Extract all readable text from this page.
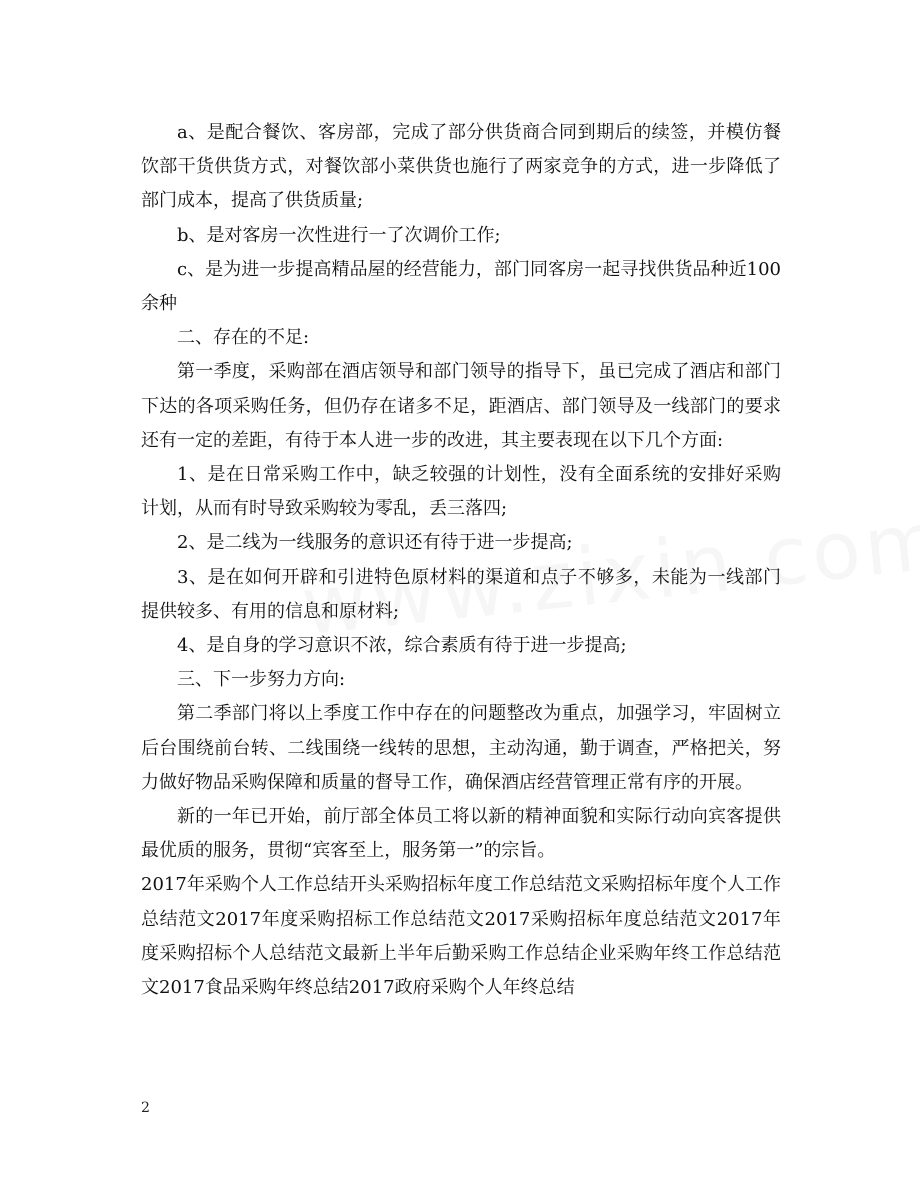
a、是配合餐饮、客房部，完成了部分供货商合同到期后的续签，并模仿餐饮部干货供货方式，对餐饮部小菜供货也施行了两家竞争的方式，进一步降低了部门成本，提高了供货质量;

b、是对客房一次性进行一了次调价工作;

c、是为进一步提高精品屋的经营能力，部门同客房一起寻找供货品种近100余种

二、存在的不足:

第一季度，采购部在酒店领导和部门领导的指导下，虽已完成了酒店和部门下达的各项采购任务，但仍存在诸多不足，距酒店、部门领导及一线部门的要求还有一定的差距，有待于本人进一步的改进，其主要表现在以下几个方面:

1、是在日常采购工作中，缺乏较强的计划性，没有全面系统的安排好采购计划，从而有时导致采购较为零乱，丢三落四;

2、是二线为一线服务的意识还有待于进一步提高;

3、是在如何开辟和引进特色原材料的渠道和点子不够多，未能为一线部门提供较多、有用的信息和原材料;

4、是自身的学习意识不浓，综合素质有待于进一步提高;

三、下一步努力方向:

第二季部门将以上季度工作中存在的问题整改为重点，加强学习，牢固树立后台围绕前台转、二线围绕一线转的思想，主动沟通，勤于调查，严格把关，努力做好物品采购保障和质量的督导工作，确保酒店经营管理正常有序的开展。

新的一年已开始，前厅部全体员工将以新的精神面貌和实际行动向宾客提供最优质的服务，贯彻“宾客至上，服务第一”的宗旨。

2017年采购个人工作总结开头采购招标年度工作总结范文采购招标年度个人工作总结范文2017年度采购招标工作总结范文2017采购招标年度总结范文2017年度采购招标个人总结范文最新上半年后勤采购工作总结企业采购年终工作总结范文2017食品采购年终总结2017政府采购个人年终总结

2
